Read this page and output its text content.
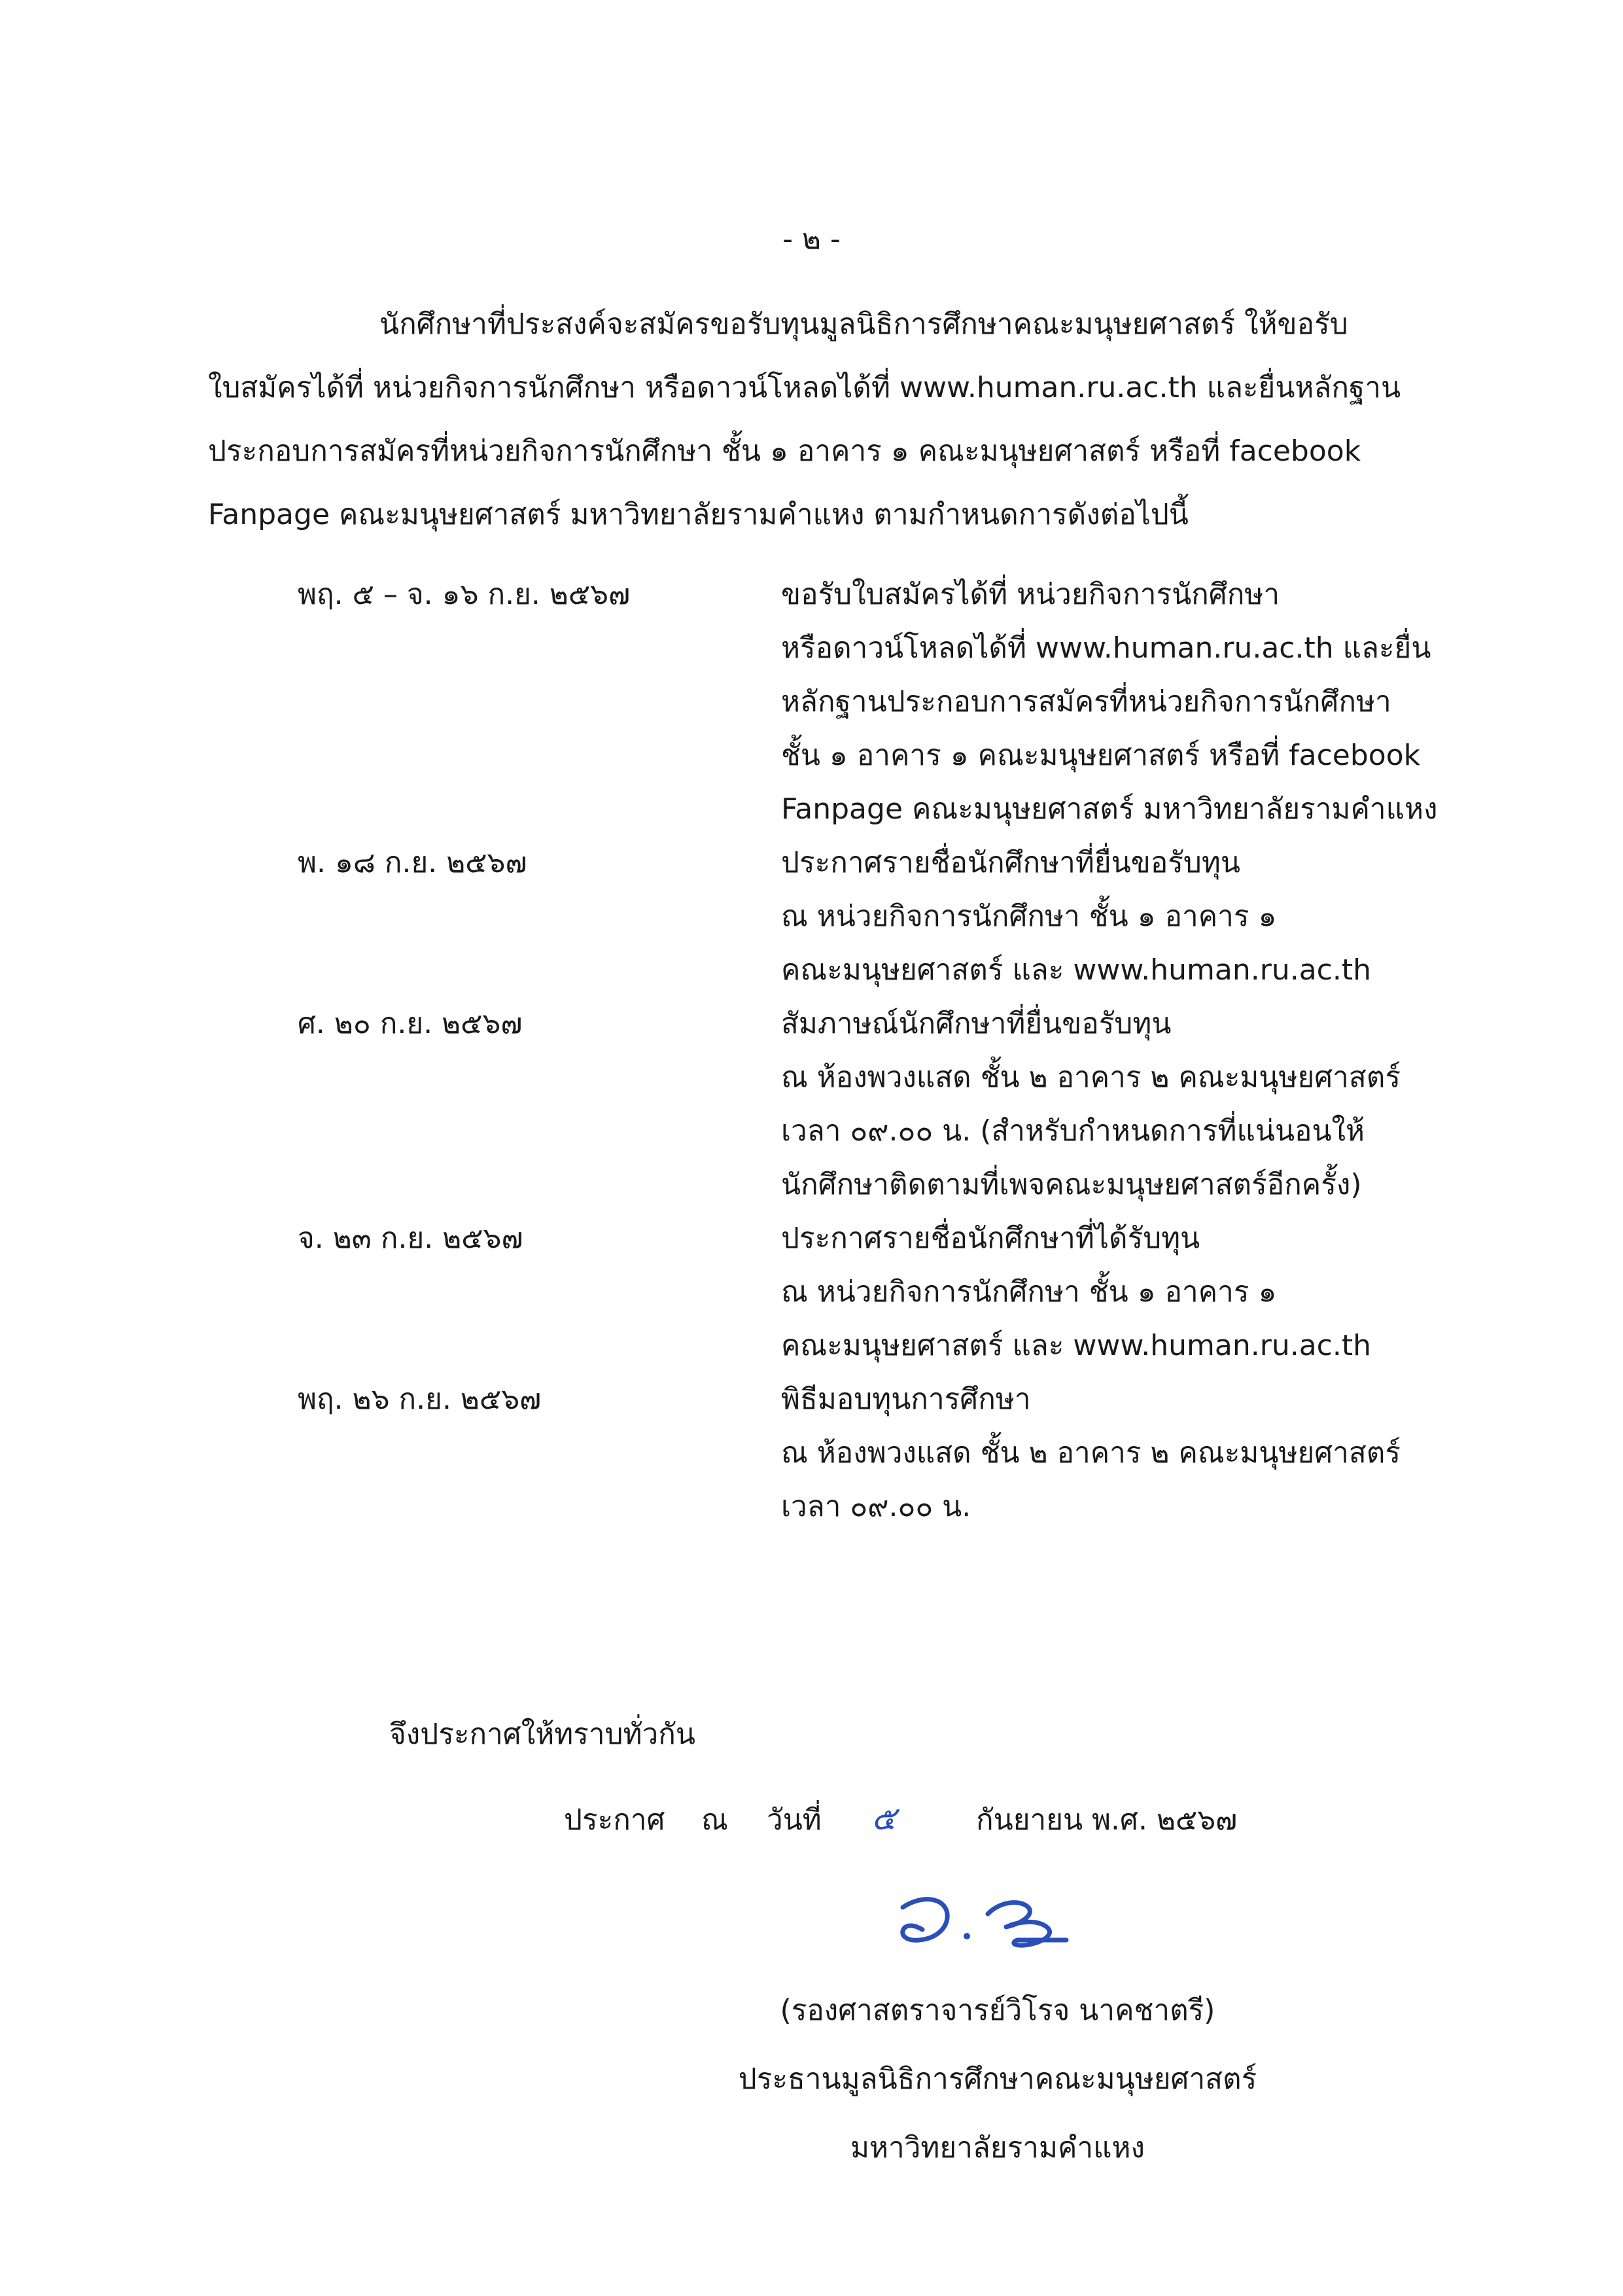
- ๒ -
นักศึกษาที่ประสงค์จะสมัครขอรับทุนมูลนิธิการศึกษาคณะมนุษยศาสตร์ ให้ขอรับ
ใบสมัครได้ที่ หน่วยกิจการนักศึกษา หรือดาวน์โหลดได้ที่ www.human.ru.ac.th และยื่นหลักฐาน
ประกอบการสมัครที่หน่วยกิจการนักศึกษา ชั้น ๑ อาคาร ๑ คณะมนุษยศาสตร์ หรือที่ facebook
Fanpage คณะมนุษยศาสตร์ มหาวิทยาลัยรามคำแหง ตามกำหนดการดังต่อไปนี้
พฤ. ๕ – จ. ๑๖ ก.ย. ๒๕๖๗	ขอรับใบสมัครได้ที่ หน่วยกิจการนักศึกษา
หรือดาวน์โหลดได้ที่ www.human.ru.ac.th และยื่น
หลักฐานประกอบการสมัครที่หน่วยกิจการนักศึกษา
ชั้น ๑ อาคาร ๑ คณะมนุษยศาสตร์ หรือที่ facebook
Fanpage คณะมนุษยศาสตร์ มหาวิทยาลัยรามคำแหง
พ. ๑๘ ก.ย. ๒๕๖๗	ประกาศรายชื่อนักศึกษาที่ยื่นขอรับทุน
ณ หน่วยกิจการนักศึกษา ชั้น ๑ อาคาร ๑
คณะมนุษยศาสตร์ และ www.human.ru.ac.th
ศ. ๒๐ ก.ย. ๒๕๖๗	สัมภาษณ์นักศึกษาที่ยื่นขอรับทุน
ณ ห้องพวงแสด ชั้น ๒ อาคาร ๒ คณะมนุษยศาสตร์
เวลา ๐๙.๐๐ น. (สำหรับกำหนดการที่แน่นอนให้
นักศึกษาติดตามที่เพจคณะมนุษยศาสตร์อีกครั้ง)
จ. ๒๓ ก.ย. ๒๕๖๗	ประกาศรายชื่อนักศึกษาที่ได้รับทุน
ณ หน่วยกิจการนักศึกษา ชั้น ๑ อาคาร ๑
คณะมนุษยศาสตร์ และ www.human.ru.ac.th
พฤ. ๒๖ ก.ย. ๒๕๖๗	พิธีมอบทุนการศึกษา
ณ ห้องพวงแสด ชั้น ๒ อาคาร ๒ คณะมนุษยศาสตร์
เวลา ๐๙.๐๐ น.
จึงประกาศให้ทราบทั่วกัน
ประกาศ ณ วันที่ ๕	กันยายน พ.ศ. ๒๕๖๗
(รองศาสตราจารย์วิโรจ นาคชาตรี)
ประธานมูลนิธิการศึกษาคณะมนุษยศาสตร์
มหาวิทยาลัยรามคำแหง
